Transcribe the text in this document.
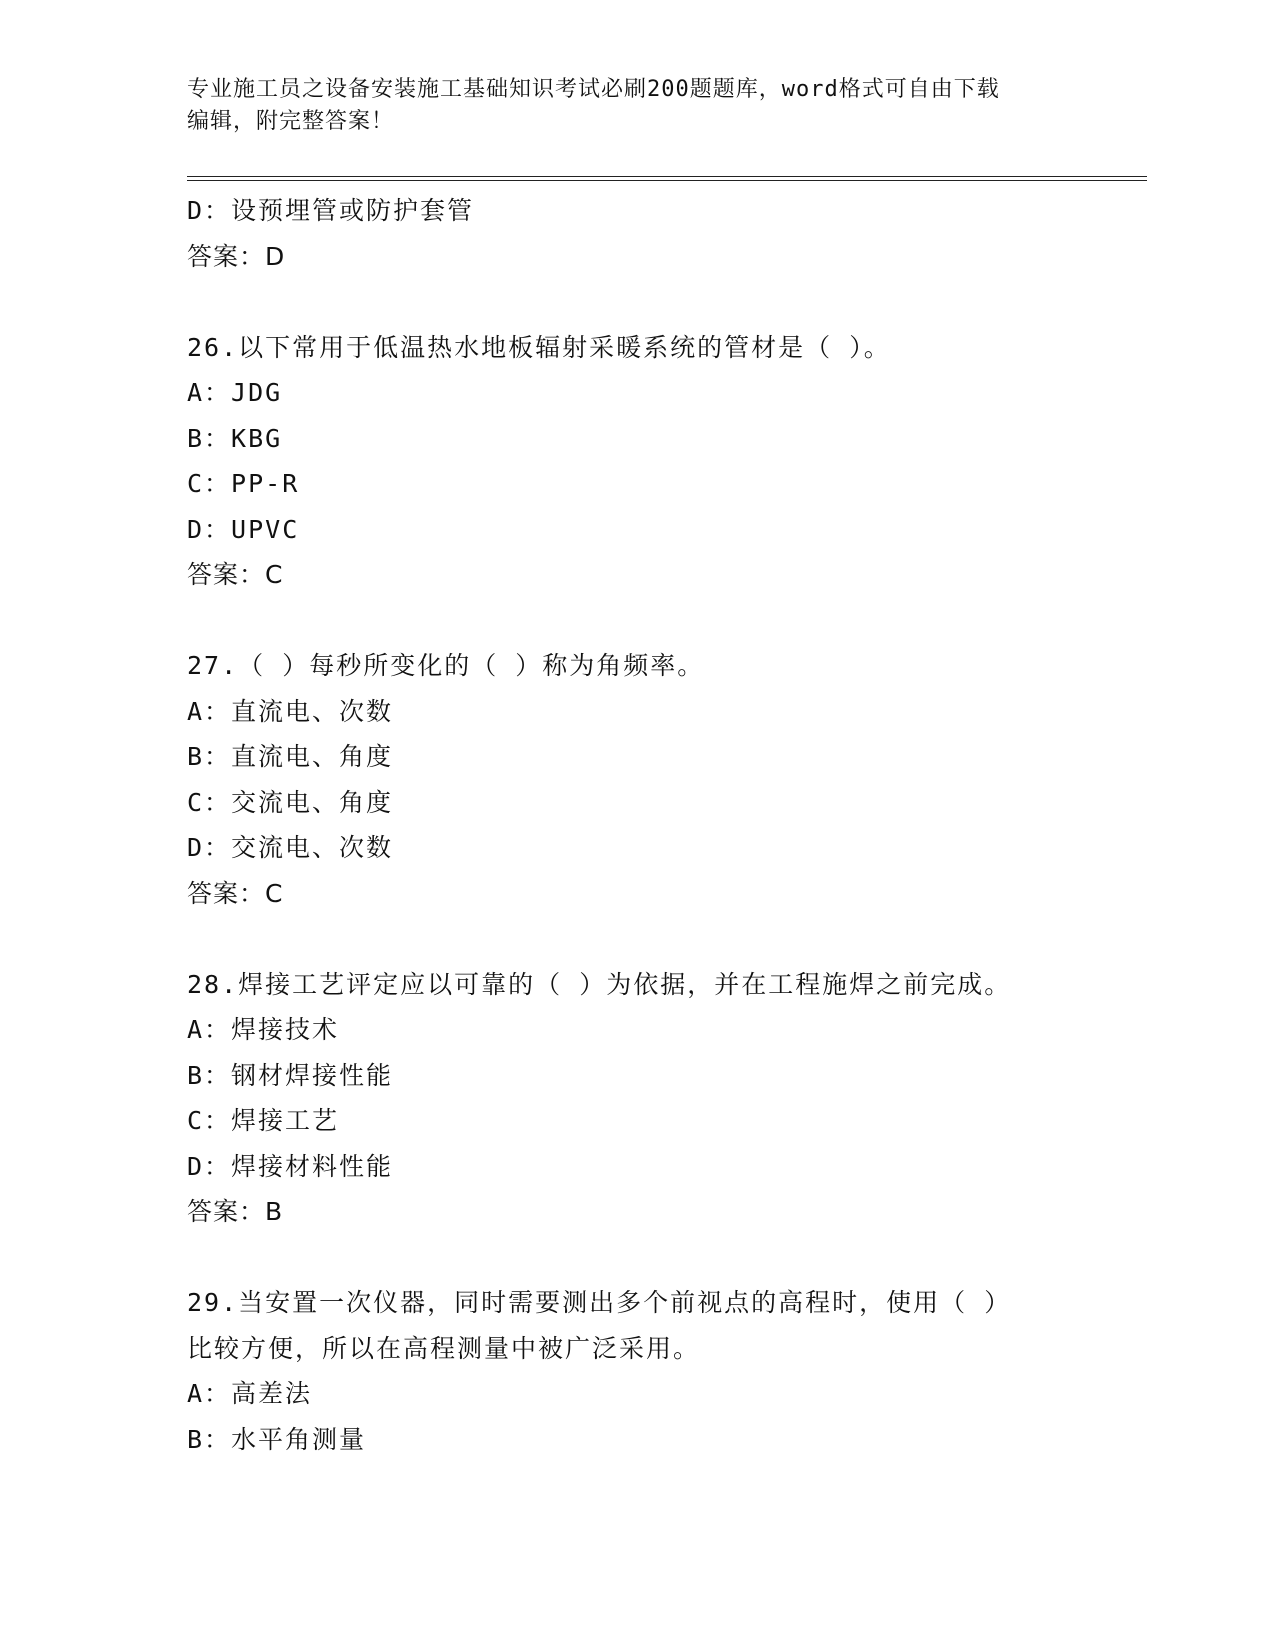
专业施工员之设备安装施工基础知识考试必刷200题题库，word格式可自由下载
编辑，附完整答案！
D：设预埋管或防护套管
答案：D
26.以下常用于低温热水地板辐射采暖系统的管材是（ ）。
A：JDG
B：KBG
C：PP-R
D：UPVC
答案：C
27.（ ）每秒所变化的（ ）称为角频率。
A：直流电、次数
B：直流电、角度
C：交流电、角度
D：交流电、次数
答案：C
28.焊接工艺评定应以可靠的（ ）为依据，并在工程施焊之前完成。
A：焊接技术
B：钢材焊接性能
C：焊接工艺
D：焊接材料性能
答案：B
29.当安置一次仪器，同时需要测出多个前视点的高程时，使用（ ）
比较方便，所以在高程测量中被广泛采用。
A：高差法
B：水平角测量
